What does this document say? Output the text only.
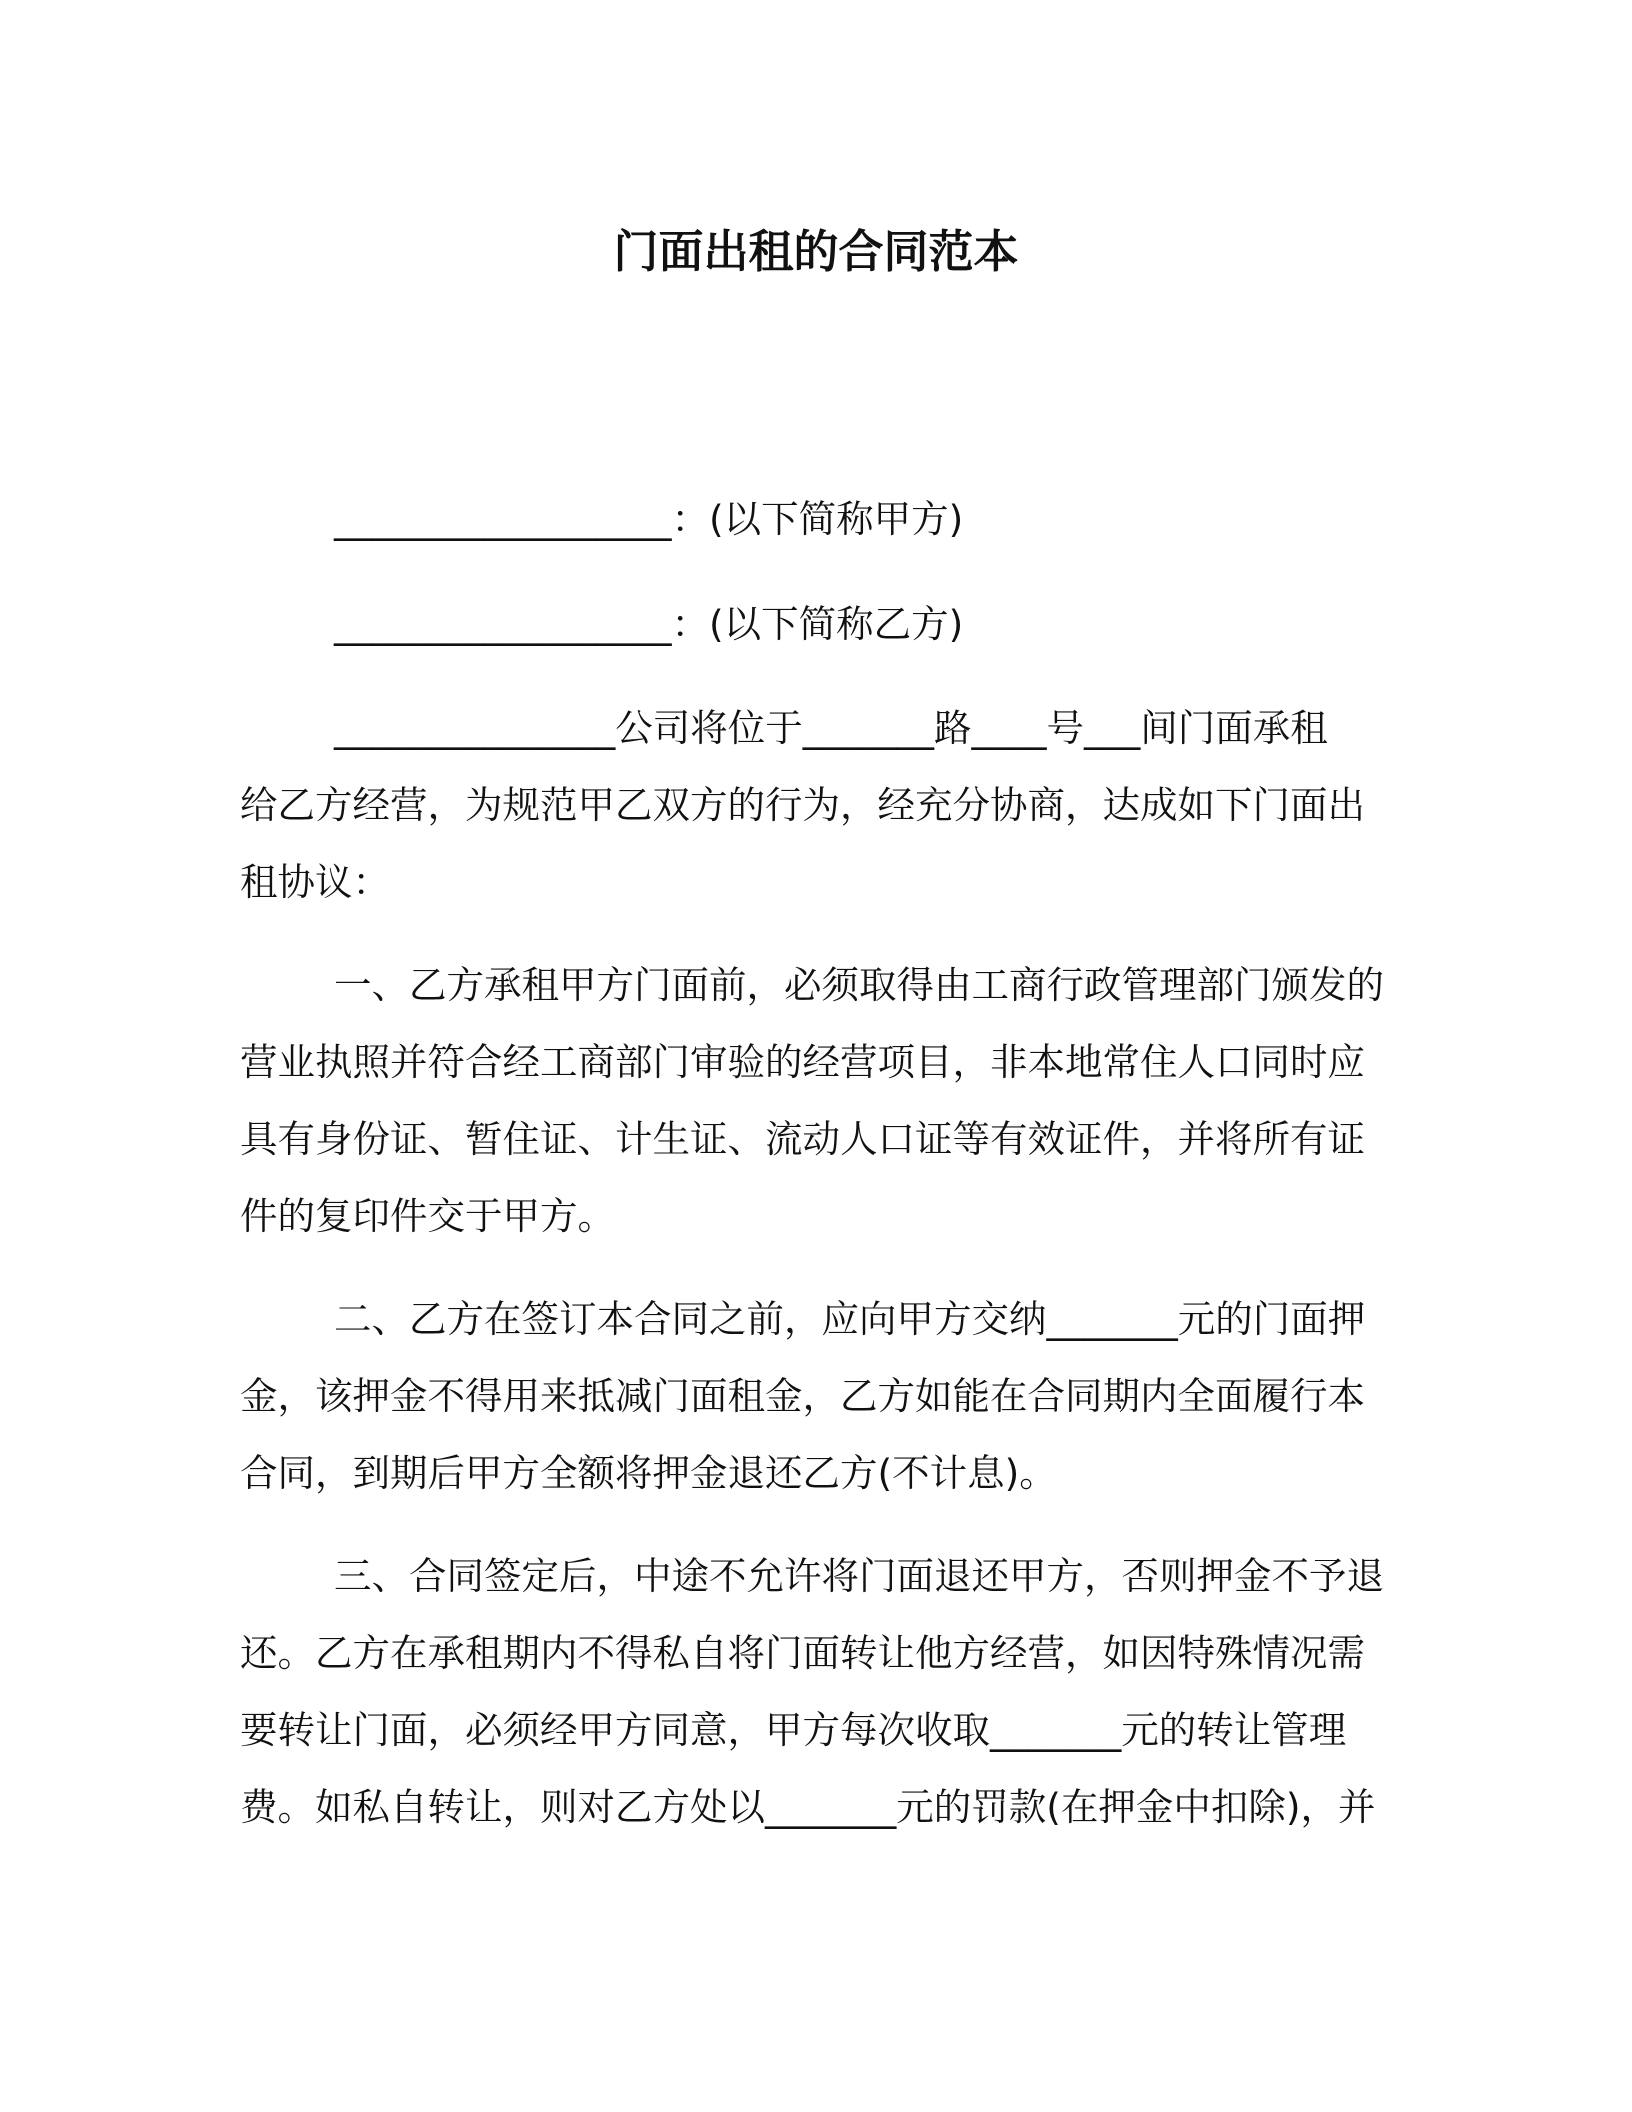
门面出租的合同范本
__________________：(以下简称甲方)
__________________：(以下简称乙方)
_______________公司将位于_______路____号___间门面承租
给乙方经营，为规范甲乙双方的行为，经充分协商，达成如下门面出
租协议：
一、乙方承租甲方门面前，必须取得由工商行政管理部门颁发的
营业执照并符合经工商部门审验的经营项目，非本地常住人口同时应
具有身份证、暂住证、计生证、流动人口证等有效证件，并将所有证
件的复印件交于甲方。
二、乙方在签订本合同之前，应向甲方交纳_______元的门面押
金，该押金不得用来抵减门面租金，乙方如能在合同期内全面履行本
合同，到期后甲方全额将押金退还乙方(不计息)。
三、合同签定后，中途不允许将门面退还甲方，否则押金不予退
还。乙方在承租期内不得私自将门面转让他方经营，如因特殊情况需
要转让门面，必须经甲方同意，甲方每次收取_______元的转让管理
费。如私自转让，则对乙方处以_______元的罚款(在押金中扣除)，并
